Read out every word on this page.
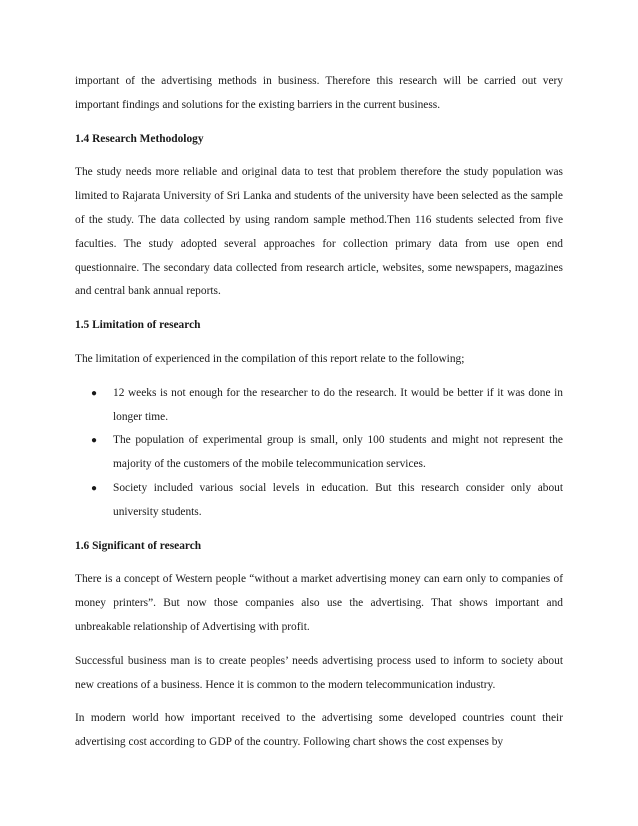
important of the advertising methods in business. Therefore this research will be carried out very important findings and solutions for the existing barriers in the current business.

1.4 Research Methodology

The study needs more reliable and original data to test that problem therefore the study population was limited to Rajarata University of Sri Lanka and students of the university have been selected as the sample of the study. The data collected by using random sample method.Then 116 students selected from five faculties. The study adopted several approaches for collection primary data from use open end questionnaire. The secondary data collected from research article, websites, some newspapers, magazines and central bank annual reports.

1.5 Limitation of research

The limitation of experienced in the compilation of this report relate to the following;

● 12 weeks is not enough for the researcher to do the research. It would be better if it was done in longer time.
● The population of experimental group is small, only 100 students and might not represent the majority of the customers of the mobile telecommunication services.
● Society included various social levels in education. But this research consider only about university students.
1.6 Significant of research

There is a concept of Western people “without a market advertising money can earn only to companies of money printers”. But now those companies also use the advertising. That shows important and unbreakable relationship of Advertising with profit.

Successful business man is to create peoples’ needs advertising process used to inform to society about new creations of a business. Hence it is common to the modern telecommunication industry.

In modern world how important received to the advertising some developed countries count their advertising cost according to GDP of the country. Following chart shows the cost expenses by
